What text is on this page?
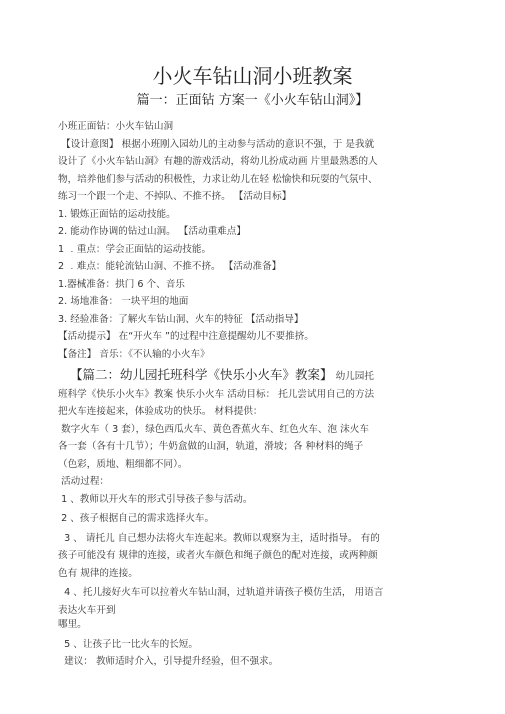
小火车钻山洞小班教案
篇一：正面钻 方案一《小火车钻山洞》】

小班正面钻：小火车钻山洞

【设计意图】 根据小班刚入园幼儿的主动参与活动的意识不强，于 是我就

设计了《小火车钻山洞》有趣的游戏活动，将幼儿扮成动画 片里最熟悉的人

物，培养他们参与活动的积极性，力求让幼儿在轻 松愉快和玩耍的气氛中、

练习一个跟一个走、不掉队、不推不挤。 【活动目标】

1. 锻炼正面钻的运动技能。

2. 能动作协调的钻过山洞。 【活动重难点】

1 ﹒重点：学会正面钻的运动技能。

2 ﹒难点：能轮流钻山洞、不推不挤。 【活动准备】

1.器械准备：拱门 6 个、音乐

2. 场地准备： 一块平坦的地面

3. 经验准备：了解火车钻山洞、火车的特征 【活动指导】

【活动提示】 在“开火车 ”的过程中注意提醒幼儿不要推挤。

【备注】 音乐：《不认输的小火车》

【篇二：幼儿园托班科学《快乐小火车》教案】 幼儿园托

班科学《快乐小火车》教案 快乐小火车 活动目标： 托儿尝试用自己的方法

把火车连接起来，体验成功的快乐。 材料提供：

数字火车（ 3 套），绿色西瓜火车、黄色香蕉火车、红色火车、泡 沫火车

各一套（各有十几节）；牛奶盒做的山洞，轨道，滑坡；各 种材料的绳子

（色彩，质地、粗细都不同）。

活动过程：

1 、教师以开火车的形式引导孩子参与活动。

2 、孩子根据自己的需求选择火车。

3 、 请托儿 自己想办法将火车连起来。教师以观察为主，适时指导。 有的

孩子可能没有 规律的连接，或者火车颜色和绳子颜色的配对连接，或两种颜

色有 规律的连接。

4 、托儿接好火车可以拉着火车钻山洞，过轨道并请孩子模仿生活， 用语言

表达火车开到

哪里。

5 、让孩子比一比火车的长短。

建议： 教师适时介入，引导提升经验，但不强求。
